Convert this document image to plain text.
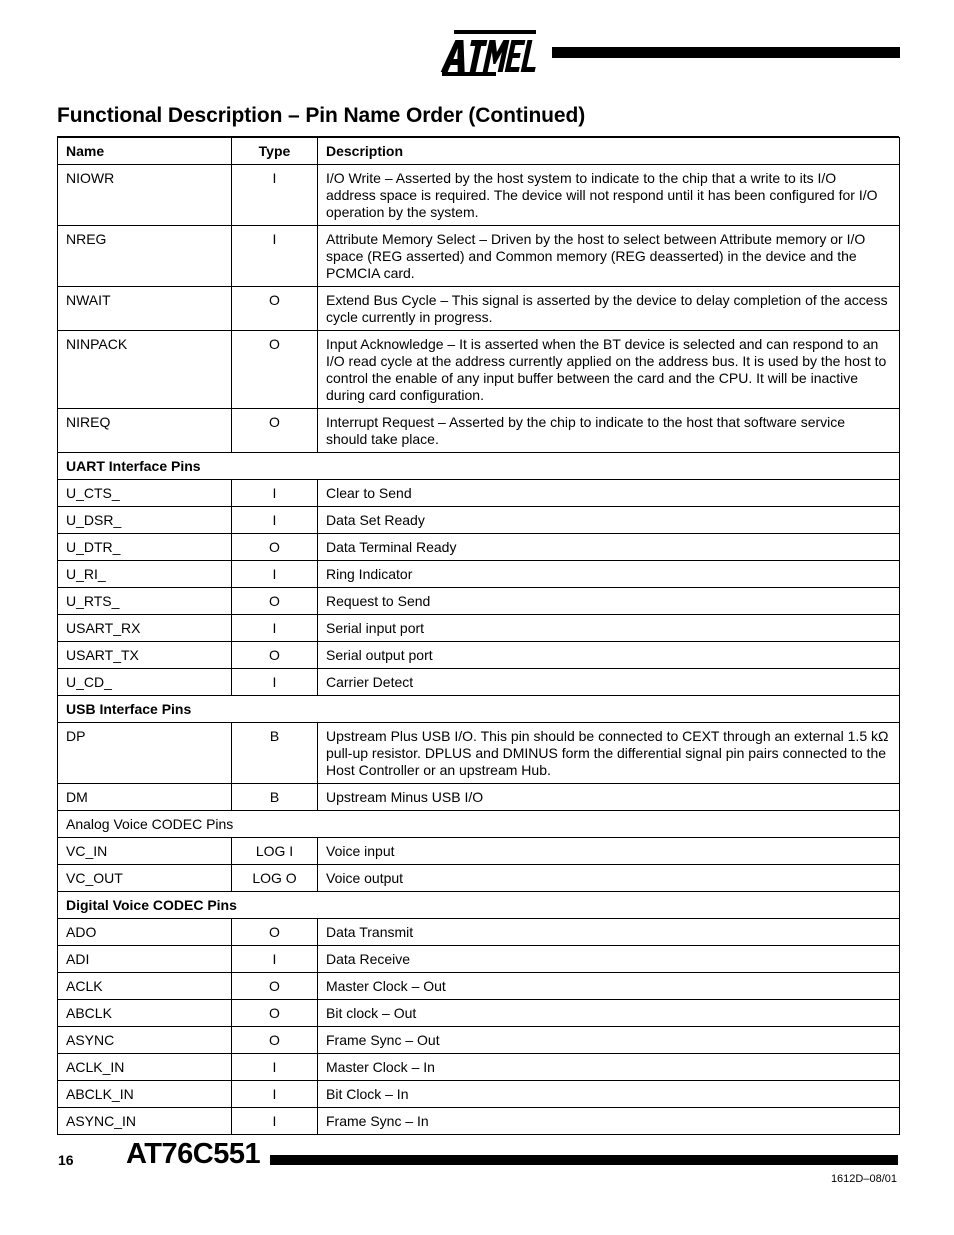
Functional Description – Pin Name Order (Continued)
Name	Type	Description
NIOWR	I	I/O Write – Asserted by the host system to indicate to the chip that a write to its I/O address space is required. The device will not respond until it has been configured for I/O operation by the system.
NREG	I	Attribute Memory Select – Driven by the host to select between Attribute memory or I/O space (REG asserted) and Common memory (REG deasserted) in the device and the PCMCIA card.
NWAIT	O	Extend Bus Cycle – This signal is asserted by the device to delay completion of the access cycle currently in progress.
NINPACK	O	Input Acknowledge – It is asserted when the BT device is selected and can respond to an I/O read cycle at the address currently applied on the address bus. It is used by the host to control the enable of any input buffer between the card and the CPU. It will be inactive during card configuration.
NIREQ	O	Interrupt Request – Asserted by the chip to indicate to the host that software service should take place.
UART Interface Pins		
U_CTS_	I	Clear to Send
U_DSR_	I	Data Set Ready
U_DTR_	O	Data Terminal Ready
U_RI_	I	Ring Indicator
U_RTS_	O	Request to Send
USART_RX	I	Serial input port
USART_TX	O	Serial output port
U_CD_	I	Carrier Detect
USB Interface Pins		
DP	B	Upstream Plus USB I/O. This pin should be connected to CEXT through an external 1.5 kΩ pull-up resistor. DPLUS and DMINUS form the differential signal pin pairs connected to the Host Controller or an upstream Hub.
DM	B	Upstream Minus USB I/O
Analog Voice CODEC Pins		
VC_IN	LOG I	Voice input
VC_OUT	LOG O	Voice output
Digital Voice CODEC Pins		
ADO	O	Data Transmit
ADI	I	Data Receive
ACLK	O	Master Clock – Out
ABCLK	O	Bit clock – Out
ASYNC	O	Frame Sync – Out
ACLK_IN	I	Master Clock – In
ABCLK_IN	I	Bit Clock – In
ASYNC_IN	I	Frame Sync – In
16 AT76C551
1612D–08/01
